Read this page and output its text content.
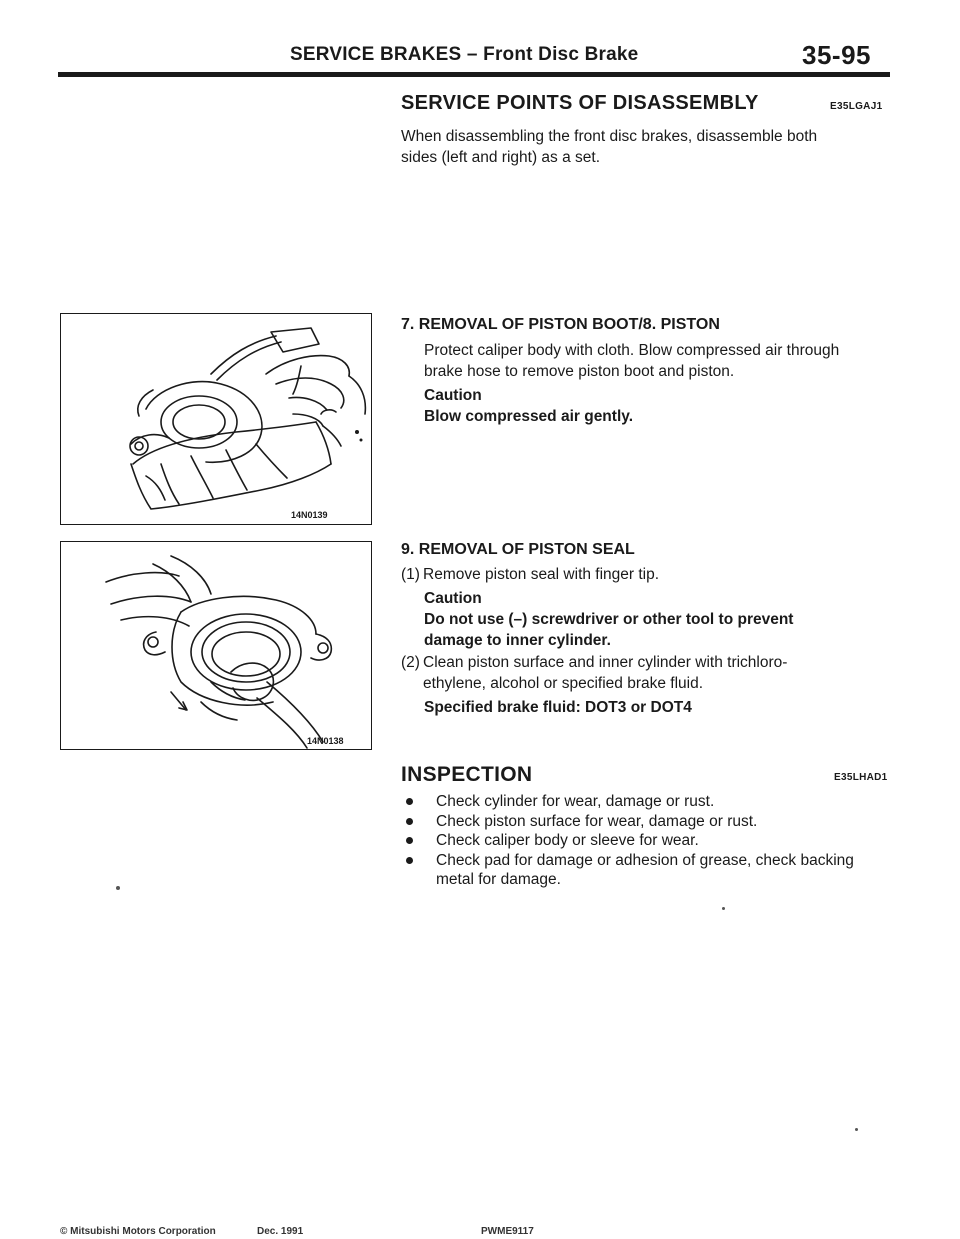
SERVICE BRAKES – Front Disc Brake	35-95
SERVICE POINTS OF DISASSEMBLY	E35LGAJ1
When disassembling the front disc brakes, disassemble both
sides (left and right) as a set.
14N0139
14N0138
7. REMOVAL OF PISTON BOOT/8. PISTON
Protect caliper body with cloth. Blow compressed air through
brake hose to remove piston boot and piston.
Caution
Blow compressed air gently.
9. REMOVAL OF PISTON SEAL
(1) Remove piston seal with finger tip.
Caution
Do not use (–) screwdriver or other tool to prevent
damage to inner cylinder.
(2) Clean piston surface and inner cylinder with trichloro-
ethylene, alcohol or specified brake fluid.
Specified brake fluid: DOT3 or DOT4
INSPECTION	E35LHAD1
Check cylinder for wear, damage or rust.
Check piston surface for wear, damage or rust.
Check caliper body or sleeve for wear.
Check pad for damage or adhesion of grease, check backing metal for damage.
© Mitsubishi Motors Corporation	Dec. 1991	PWME9117
